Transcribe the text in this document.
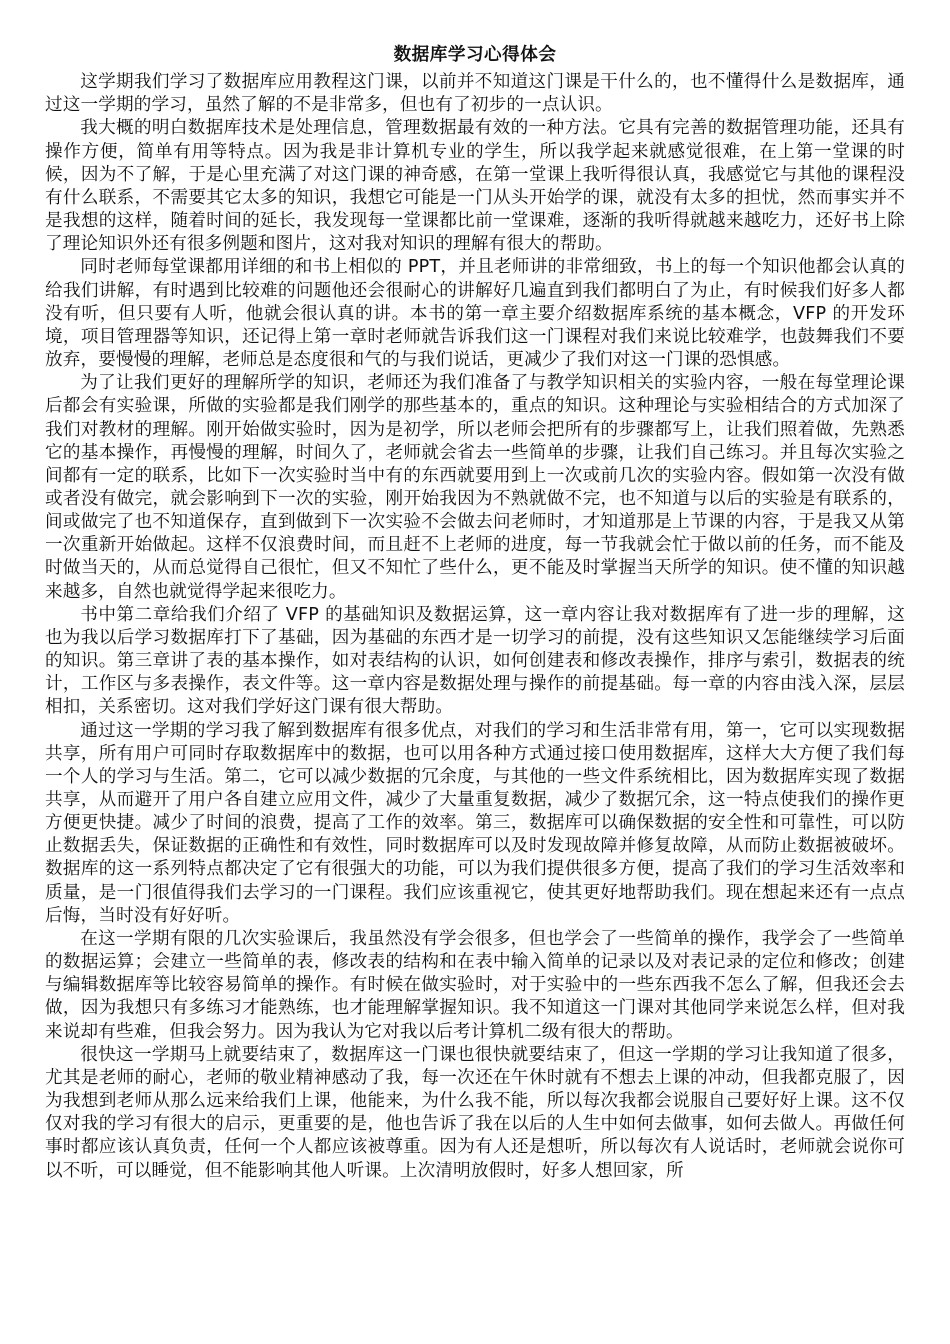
数据库学习心得体会

这学期我们学习了数据库应用教程这门课，以前并不知道这门课是干什么的，也不懂得什么是数据库，通过这一学期的学习，虽然了解的不是非常多，但也有了初步的一点认识。

我大概的明白数据库技术是处理信息，管理数据最有效的一种方法。它具有完善的数据管理功能，还具有操作方便，简单有用等特点。因为我是非计算机专业的学生，所以我学起来就感觉很难，在上第一堂课的时候，因为不了解，于是心里充满了对这门课的神奇感，在第一堂课上我听得很认真，我感觉它与其他的课程没有什么联系，不需要其它太多的知识，我想它可能是一门从头开始学的课，就没有太多的担忧，然而事实并不是我想的这样，随着时间的延长，我发现每一堂课都比前一堂课难，逐渐的我听得就越来越吃力，还好书上除了理论知识外还有很多例题和图片，这对我对知识的理解有很大的帮助。

同时老师每堂课都用详细的和书上相似的 PPT，并且老师讲的非常细致，书上的每一个知识他都会认真的给我们讲解，有时遇到比较难的问题他还会很耐心的讲解好几遍直到我们都明白了为止，有时候我们好多人都没有听，但只要有人听，他就会很认真的讲。本书的第一章主要介绍数据库系统的基本概念，VFP 的开发环境，项目管理器等知识，还记得上第一章时老师就告诉我们这一门课程对我们来说比较难学，也鼓舞我们不要放弃，要慢慢的理解，老师总是态度很和气的与我们说话，更减少了我们对这一门课的恐惧感。

为了让我们更好的理解所学的知识，老师还为我们准备了与教学知识相关的实验内容，一般在每堂理论课后都会有实验课，所做的实验都是我们刚学的那些基本的，重点的知识。这种理论与实验相结合的方式加深了我们对教材的理解。刚开始做实验时，因为是初学，所以老师会把所有的步骤都写上，让我们照着做，先熟悉它的基本操作，再慢慢的理解，时间久了，老师就会省去一些简单的步骤，让我们自己练习。并且每次实验之间都有一定的联系，比如下一次实验时当中有的东西就要用到上一次或前几次的实验内容。假如第一次没有做或者没有做完，就会影响到下一次的实验，刚开始我因为不熟就做不完，也不知道与以后的实验是有联系的，间或做完了也不知道保存，直到做到下一次实验不会做去问老师时，才知道那是上节课的内容，于是我又从第一次重新开始做起。这样不仅浪费时间，而且赶不上老师的进度，每一节我就会忙于做以前的任务，而不能及时做当天的，从而总觉得自己很忙，但又不知忙了些什么，更不能及时掌握当天所学的知识。使不懂的知识越来越多，自然也就觉得学起来很吃力。

书中第二章给我们介绍了 VFP 的基础知识及数据运算，这一章内容让我对数据库有了进一步的理解，这也为我以后学习数据库打下了基础，因为基础的东西才是一切学习的前提，没有这些知识又怎能继续学习后面的知识。第三章讲了表的基本操作，如对表结构的认识，如何创建表和修改表操作，排序与索引，数据表的统计，工作区与多表操作，表文件等。这一章内容是数据处理与操作的前提基础。每一章的内容由浅入深，层层相扣，关系密切。这对我们学好这门课有很大帮助。

通过这一学期的学习我了解到数据库有很多优点，对我们的学习和生活非常有用，第一，它可以实现数据共享，所有用户可同时存取数据库中的数据，也可以用各种方式通过接口使用数据库，这样大大方便了我们每一个人的学习与生活。第二，它可以减少数据的冗余度，与其他的一些文件系统相比，因为数据库实现了数据共享，从而避开了用户各自建立应用文件，减少了大量重复数据，减少了数据冗余，这一特点使我们的操作更方便更快捷。减少了时间的浪费，提高了工作的效率。第三，数据库可以确保数据的安全性和可靠性，可以防止数据丢失，保证数据的正确性和有效性，同时数据库可以及时发现故障并修复故障，从而防止数据被破坏。数据库的这一系列特点都决定了它有很强大的功能，可以为我们提供很多方便，提高了我们的学习生活效率和质量，是一门很值得我们去学习的一门课程。我们应该重视它，使其更好地帮助我们。现在想起来还有一点点后悔，当时没有好好听。

在这一学期有限的几次实验课后，我虽然没有学会很多，但也学会了一些简单的操作，我学会了一些简单的数据运算；会建立一些简单的表，修改表的结构和在表中输入简单的记录以及对表记录的定位和修改；创建与编辑数据库等比较容易简单的操作。有时候在做实验时，对于实验中的一些东西我不怎么了解，但我还会去做，因为我想只有多练习才能熟练，也才能理解掌握知识。我不知道这一门课对其他同学来说怎么样，但对我来说却有些难，但我会努力。因为我认为它对我以后考计算机二级有很大的帮助。

很快这一学期马上就要结束了，数据库这一门课也很快就要结束了，但这一学期的学习让我知道了很多，尤其是老师的耐心，老师的敬业精神感动了我，每一次还在午休时就有不想去上课的冲动，但我都克服了，因为我想到老师从那么远来给我们上课，他能来，为什么我不能，所以每次我都会说服自己要好好上课。这不仅仅对我的学习有很大的启示，更重要的是，他也告诉了我在以后的人生中如何去做事，如何去做人。再做任何事时都应该认真负责，任何一个人都应该被尊重。因为有人还是想听，所以每次有人说话时，老师就会说你可以不听，可以睡觉，但不能影响其他人听课。上次清明放假时，好多人想回家，所
